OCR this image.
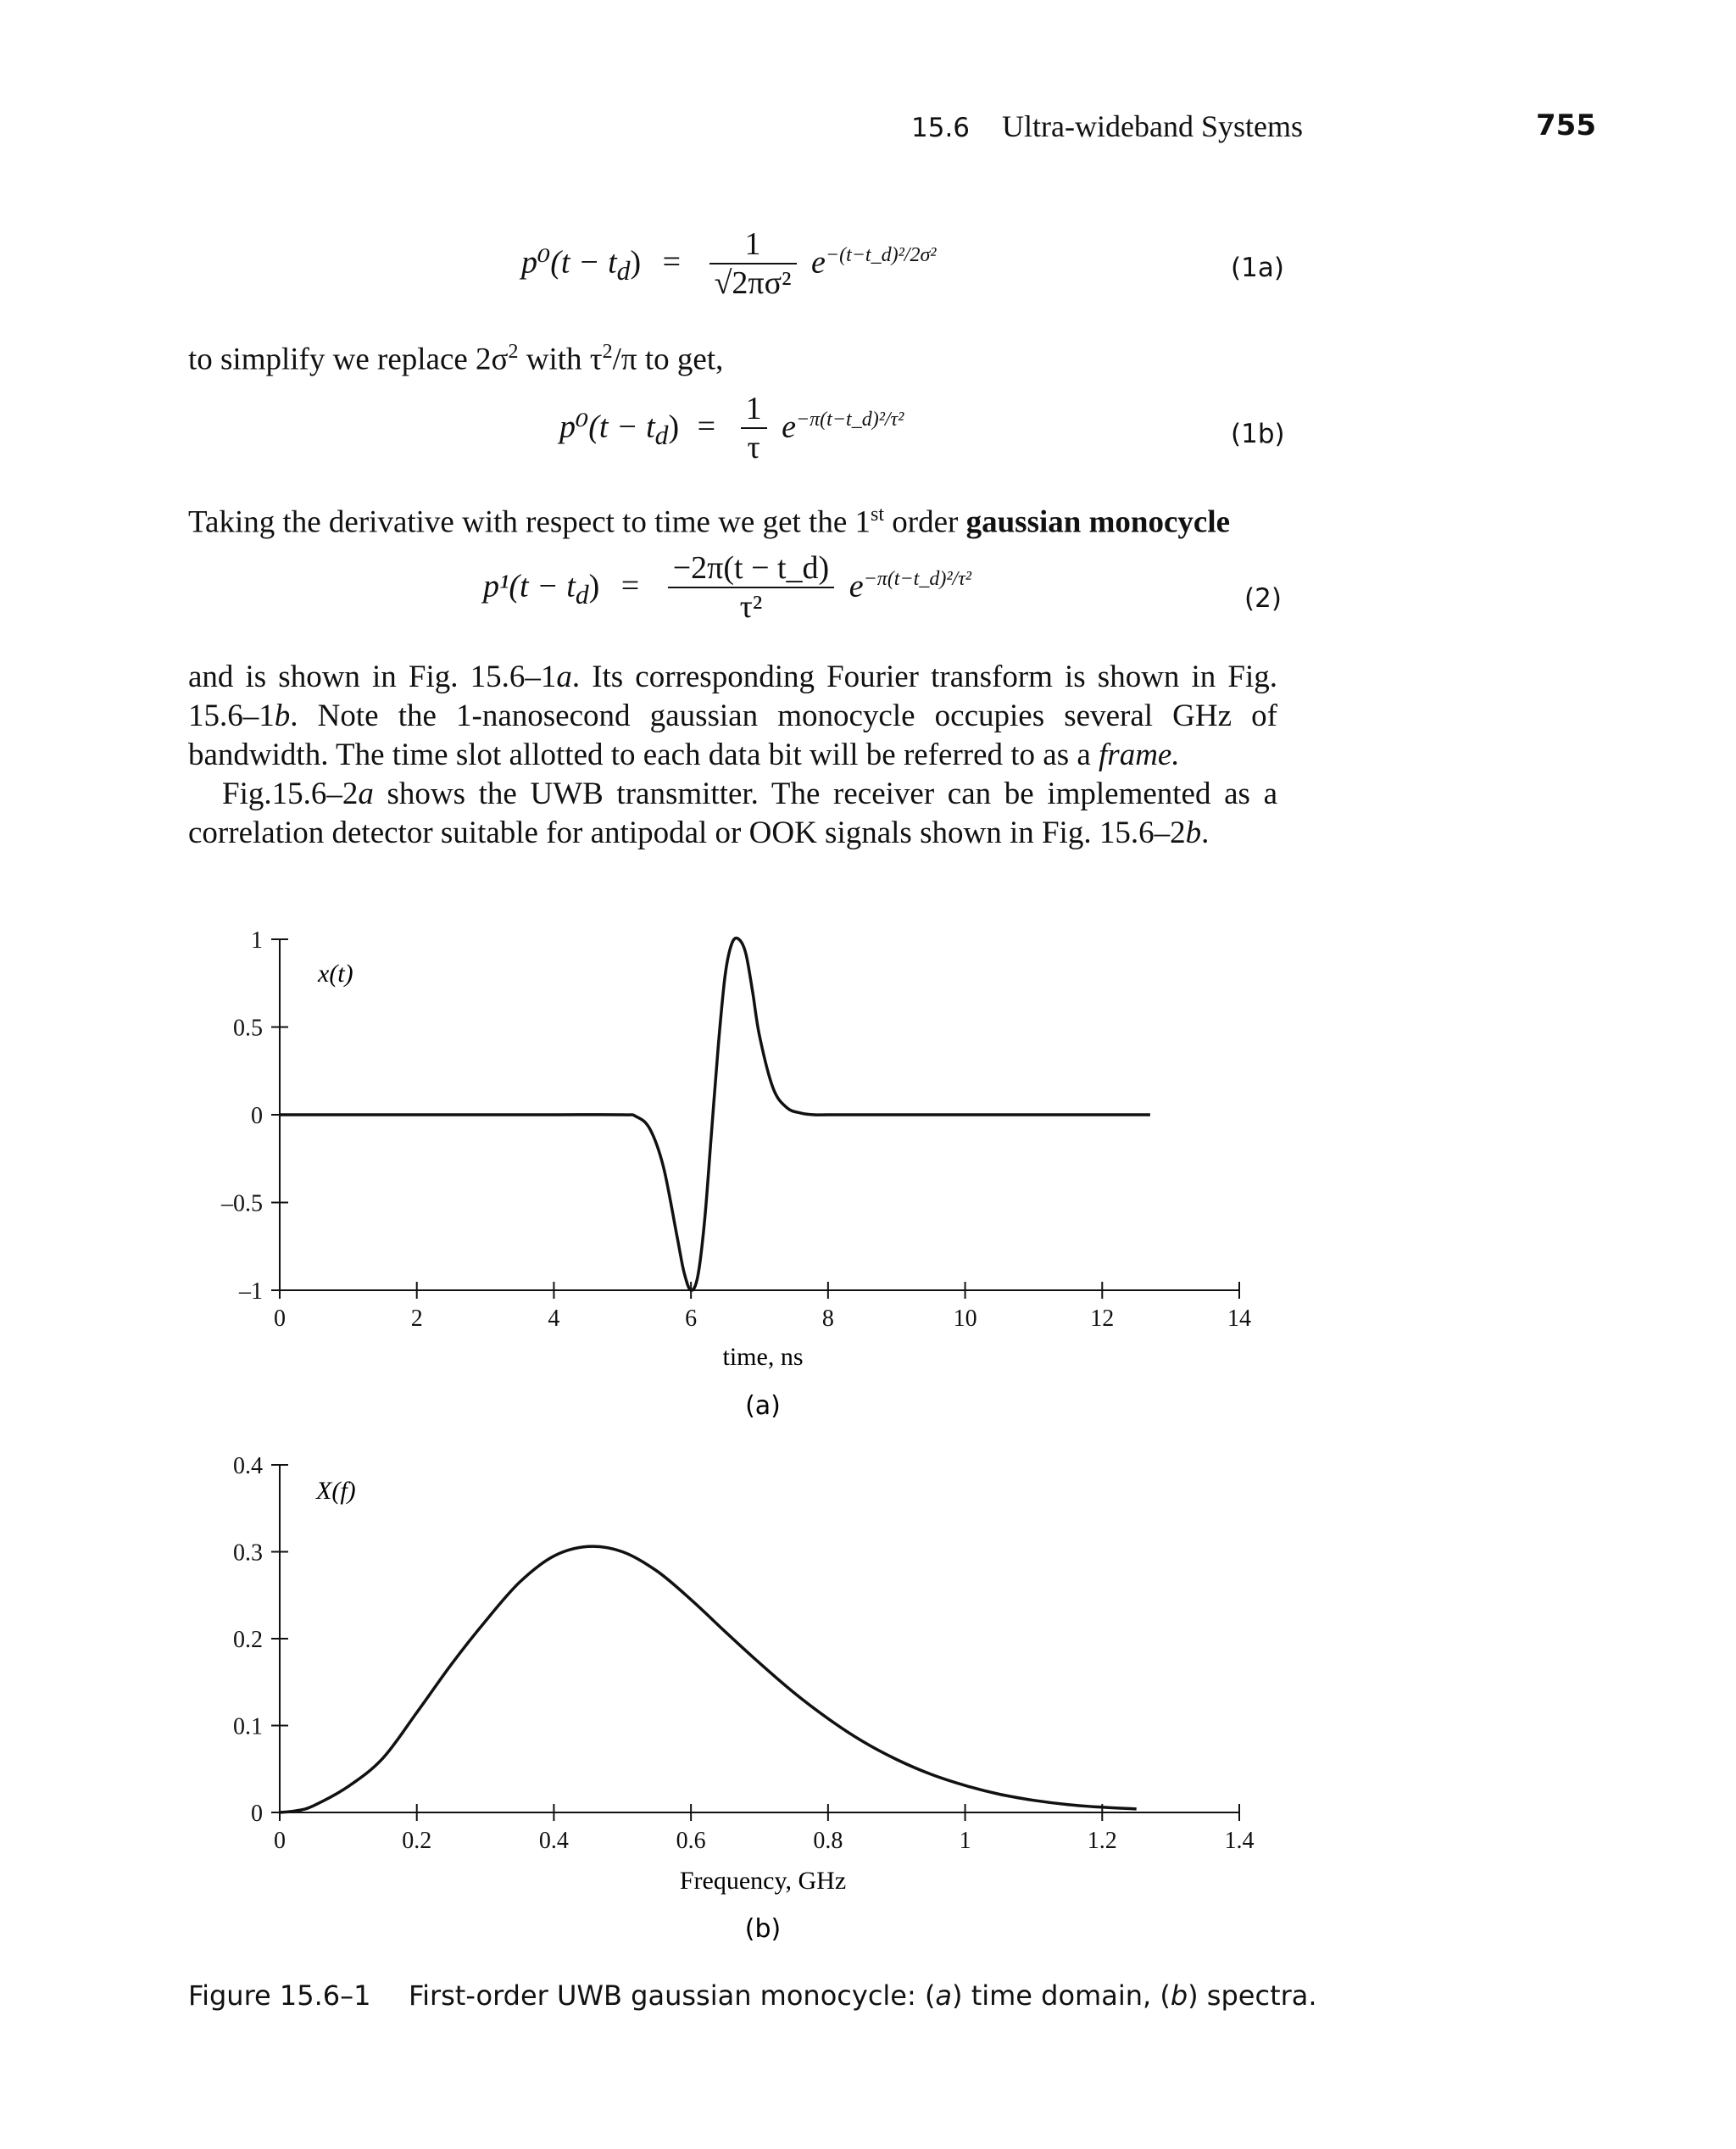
15.6 Ultra-wideband Systems	755
$p^0(t - t_d) = \frac{1}{\text{√2πσ²}} e^{-(t-t\_d)^2/2\sigma^2}$	(1a)
to simplify we replace $2\sigma^2$ with $\tau^2/\pi$ to get,
$p^0(t - t_d) = \frac{1}{\tau} e^{-\pi(t-t\_d)^2/\tau^2}$	(1b)
Taking the derivative with respect to time we get the 1st order gaussian monocycle
$p^1(t - t_d) = \frac{-2\pi(t - t\_d)}{\text{τ²}} e^{-\pi(t-t\_d)^2/\tau^2}$
(2)

and is shown in Fig. 15.6–1a. Its corresponding Fourier transform is shown in Fig. 15.6–1b. Note the 1-nanosecond gaussian monocycle occupies several GHz of bandwidth. The time slot allotted to each data bit will be referred to as a frame.

Fig.15.6–2a shows the UWB transmitter. The receiver can be implemented as a correlation detector suitable for antipodal or OOK signals shown in Fig. 15.6–2b.

0	2	4	6	8	10	12	14
1
0.5
0
–0.5
–1
x(t)
time, ns
(a)
0	0.2	0.4	0.6	0.8	1	1.2	1.4
0.4
0.3
0.2
0.1
0
X(f)
Frequency, GHz
(b)
Figure 15.6–1 First-order UWB gaussian monocycle: (a) time domain, (b) spectra.
